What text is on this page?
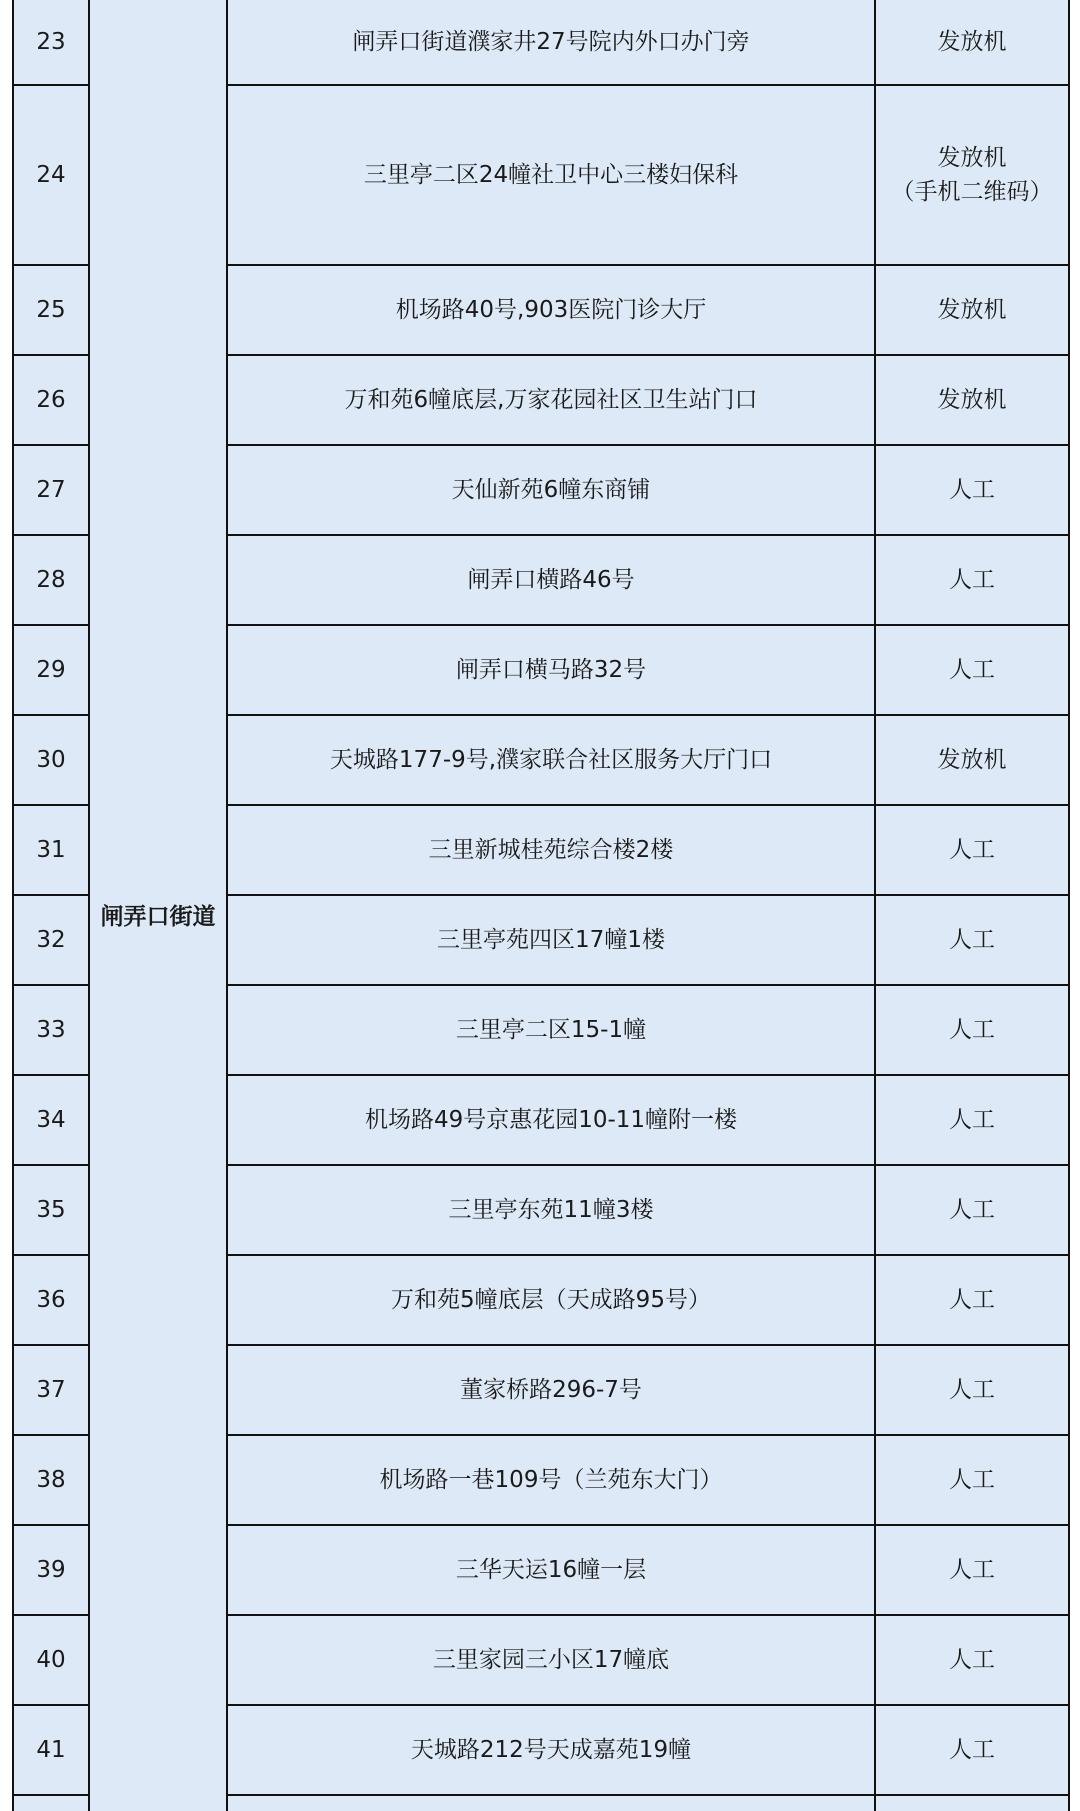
23	闸弄口街道	闸弄口街道濮家井27号院内外口办门旁	发放机

24		三里亭二区24幢社卫中心三楼妇保科	发放机
（手机二维码）

25		机场路40号,903医院门诊大厅	发放机

26		万和苑6幢底层,万家花园社区卫生站门口	发放机

27		天仙新苑6幢东商铺	人工

28		闸弄口横路46号	人工

29		闸弄口横马路32号	人工

30		天城路177-9号,濮家联合社区服务大厅门口	发放机

31		三里新城桂苑综合楼2楼	人工

32		三里亭苑四区17幢1楼	人工

33		三里亭二区15-1幢	人工

34		机场路49号京惠花园10-11幢附一楼	人工

35		三里亭东苑11幢3楼	人工

36		万和苑5幢底层（天成路95号）	人工

37		董家桥路296-7号	人工

38		机场路一巷109号（兰苑东大门）	人工

39		三华天运16幢一层	人工

40		三里家园三小区17幢底	人工

41		天城路212号天成嘉苑19幢	人工
